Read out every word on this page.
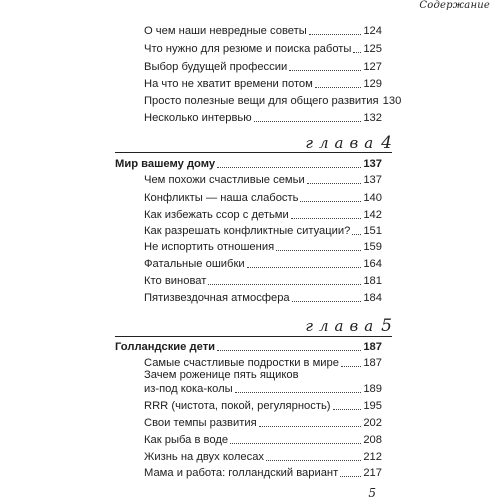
Содержание
О чем наши невредные советы	124
Что нужно для резюме и поиска работы 125
Выбор будущей профессии	127
На что не хватит времени потом	129
Просто полезные вещи для общего развития 130
Несколько интервью	132
глава 4
Мир вашему дому	137
Чем похожи счастливые семьи	137
Конфликты — наша слабость	140
Как избежать ссор с детьми	142
Как разрешать конфликтные ситуации? 151
Не испортить отношения	159
Фатальные ошибки	164
Кто виноват	181
Пятизвездочная атмосфера	184
глава 5
Голландские дети	187
Самые счастливые подростки в мире 187
Зачем роженице пять ящиков
из-под кока-колы	189
RRR (чистота, покой, регулярность)	195
Свои темпы развития	202
Как рыба в воде	208
Жизнь на двух колесах	212
Мама и работа: голландский вариант 217
5
